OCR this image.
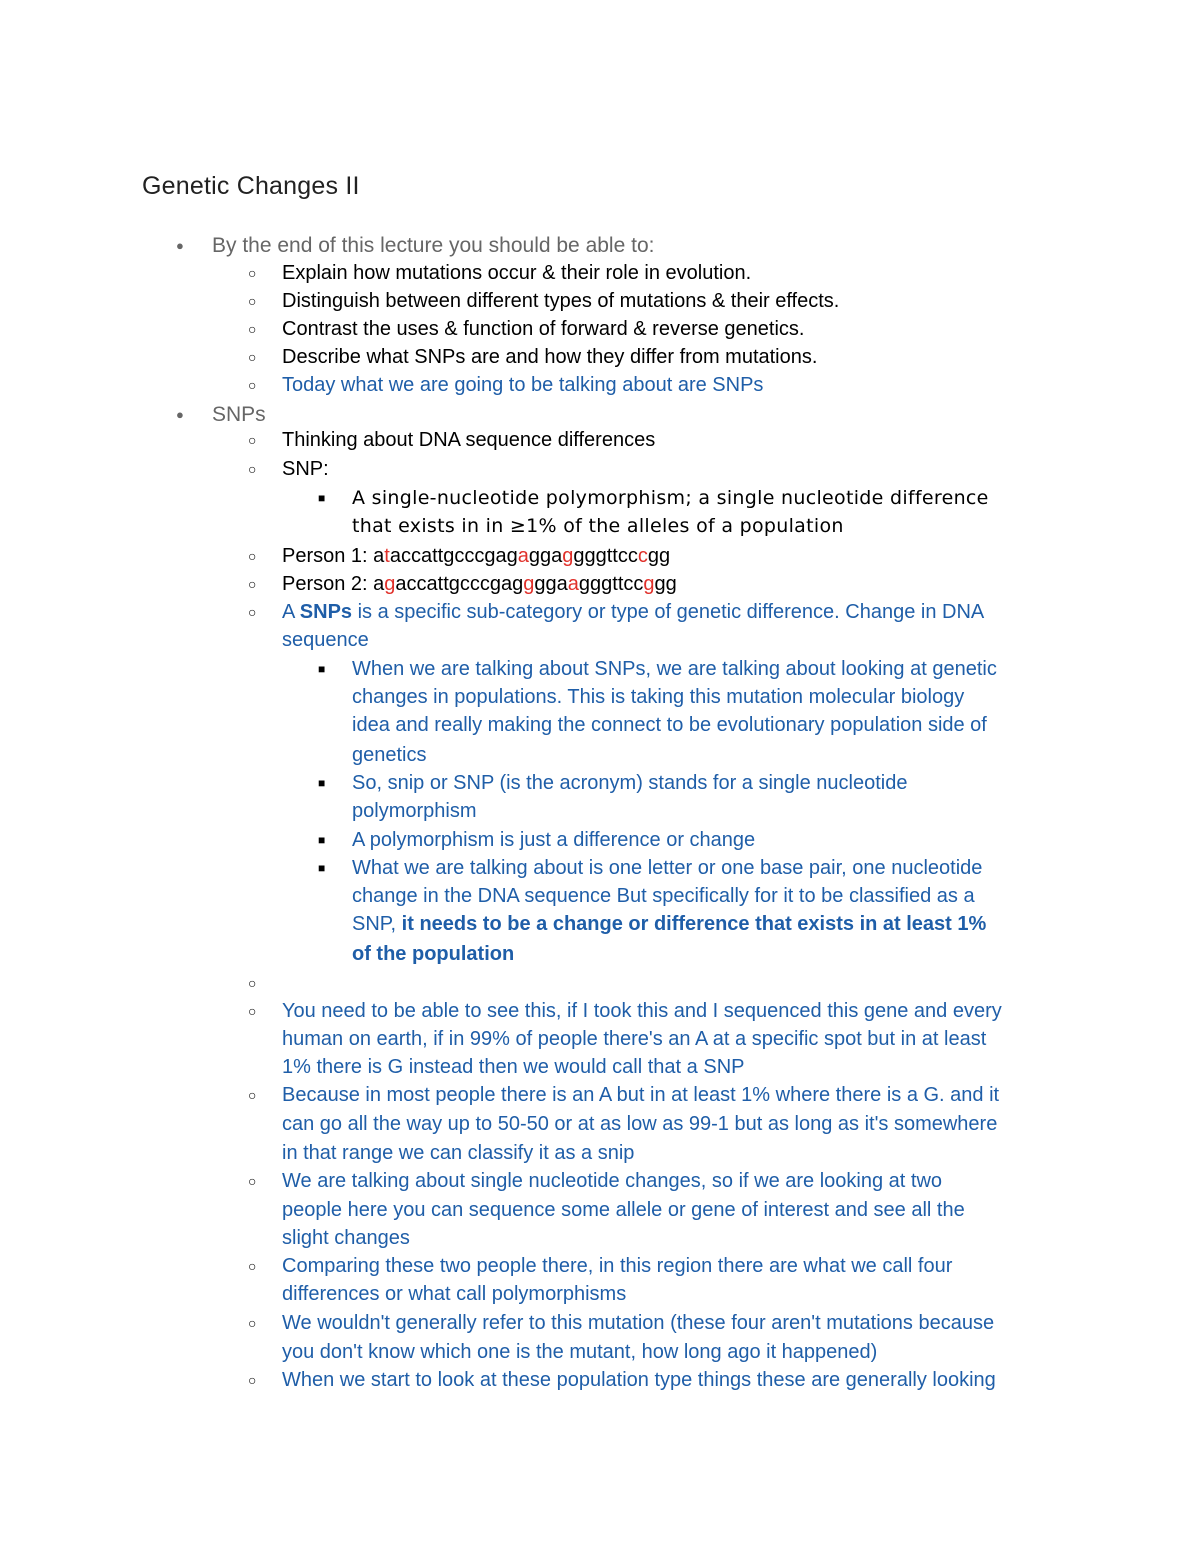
Genetic Changes II
● By the end of this lecture you should be able to:
○ Explain how mutations occur & their role in evolution.
○ Distinguish between different types of mutations & their effects.
○ Contrast the uses & function of forward & reverse genetics.
○ Describe what SNPs are and how they differ from mutations.
○ Today what we are going to be talking about are SNPs
● SNPs
○ Thinking about DNA sequence differences
○ SNP:
■ A single-nucleotide polymorphism; a single nucleotide difference
that exists in in ≥1% of the alleles of a population
○ Person 1: ataccattgcccgagaggaggggttcccgg
○ Person 2: agaccattgcccgaggggaagggttccggg
○ A SNPs is a specific sub-category or type of genetic difference. Change in DNA
sequence
■ When we are talking about SNPs, we are talking about looking at genetic
changes in populations. This is taking this mutation molecular biology
idea and really making the connect to be evolutionary population side of
genetics
■ So, snip or SNP (is the acronym) stands for a single nucleotide
polymorphism
■ A polymorphism is just a difference or change
■ What we are talking about is one letter or one base pair, one nucleotide
change in the DNA sequence But specifically for it to be classified as a
SNP, it needs to be a change or difference that exists in at least 1%
of the population
○
○ You need to be able to see this, if I took this and I sequenced this gene and every
human on earth, if in 99% of people there's an A at a specific spot but in at least
1% there is G instead then we would call that a SNP
○ Because in most people there is an A but in at least 1% where there is a G. and it
can go all the way up to 50-50 or at as low as 99-1 but as long as it's somewhere
in that range we can classify it as a snip
○ We are talking about single nucleotide changes, so if we are looking at two
people here you can sequence some allele or gene of interest and see all the
slight changes
○ Comparing these two people there, in this region there are what we call four
differences or what call polymorphisms
○ We wouldn't generally refer to this mutation (these four aren't mutations because
you don't know which one is the mutant, how long ago it happened)
○ When we start to look at these population type things these are generally looking
